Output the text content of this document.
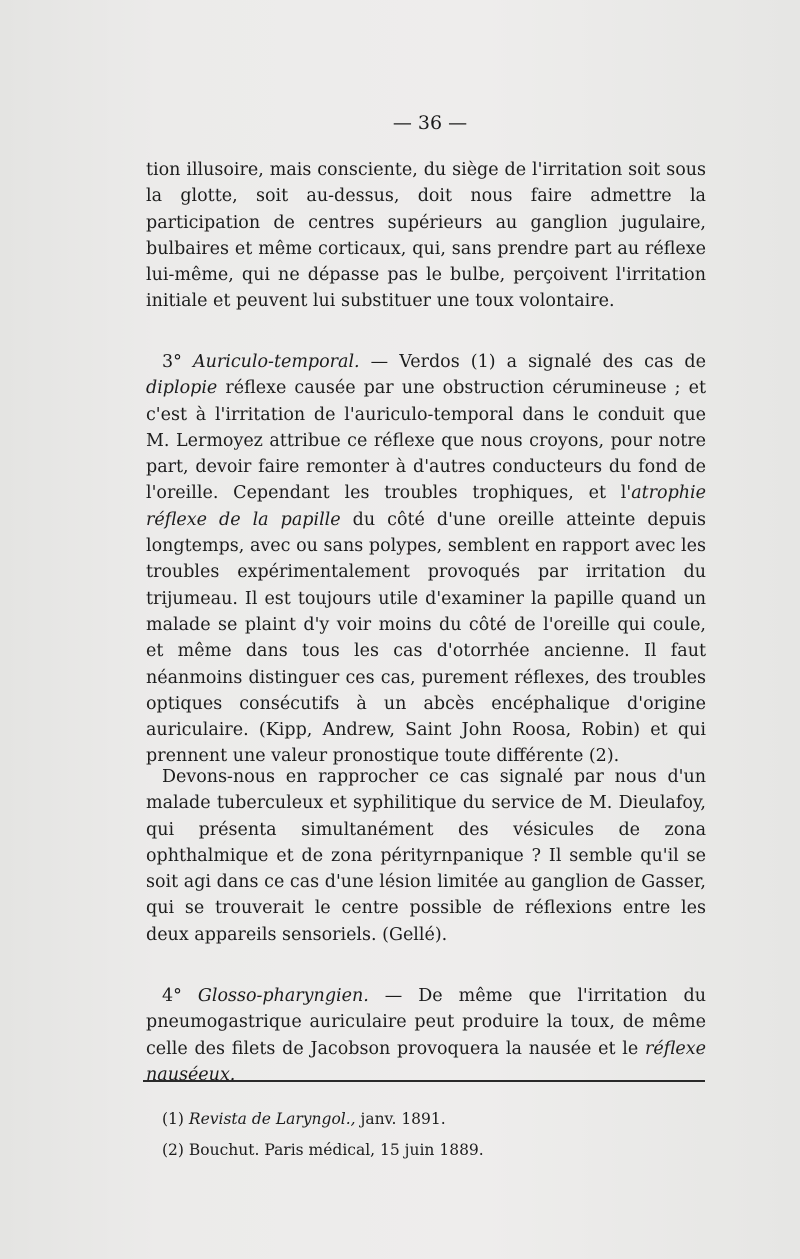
— 36 —

tion illusoire, mais consciente, du siège de l'irritation soit sous la glotte, soit au-dessus, doit nous faire admettre la participation de centres supérieurs au ganglion jugulaire, bulbaires et même corticaux, qui, sans prendre part au réflexe lui-même, qui ne dépasse pas le bulbe, perçoivent l'irritation initiale et peuvent lui substituer une toux volontaire.

3° Auriculo-temporal. — Verdos (1) a signalé des cas de diplopie réflexe causée par une obstruction cérumineuse ; et c'est à l'irritation de l'auriculo-temporal dans le conduit que M. Lermoyez attribue ce réflexe que nous croyons, pour notre part, devoir faire remonter à d'autres conducteurs du fond de l'oreille. Cependant les troubles trophiques, et l'atrophie réflexe de la papille du côté d'une oreille atteinte depuis longtemps, avec ou sans polypes, semblent en rapport avec les troubles expérimentalement provoqués par irritation du trijumeau. Il est toujours utile d'examiner la papille quand un malade se plaint d'y voir moins du côté de l'oreille qui coule, et même dans tous les cas d'otorrhée ancienne. Il faut néanmoins distinguer ces cas, purement réflexes, des troubles optiques consécutifs à un abcès encéphalique d'origine auriculaire. (Kipp, Andrew, Saint John Roosa, Robin) et qui prennent une valeur pronostique toute différente (2).

Devons-nous en rapprocher ce cas signalé par nous d'un malade tuberculeux et syphilitique du service de M. Dieulafoy, qui présenta simultanément des vésicules de zona ophthalmique et de zona pérityrnpanique ? Il semble qu'il se soit agi dans ce cas d'une lésion limitée au ganglion de Gasser, qui se trouverait le centre possible de réflexions entre les deux appareils sensoriels. (Gellé).

4° Glosso-pharyngien. — De même que l'irritation du pneumogastrique auriculaire peut produire la toux, de même celle des filets de Jacobson provoquera la nausée et le réflexe nauséeux.

(1) Revista de Laryngol., janv. 1891.
(2) Bouchut. Paris médical, 15 juin 1889.
